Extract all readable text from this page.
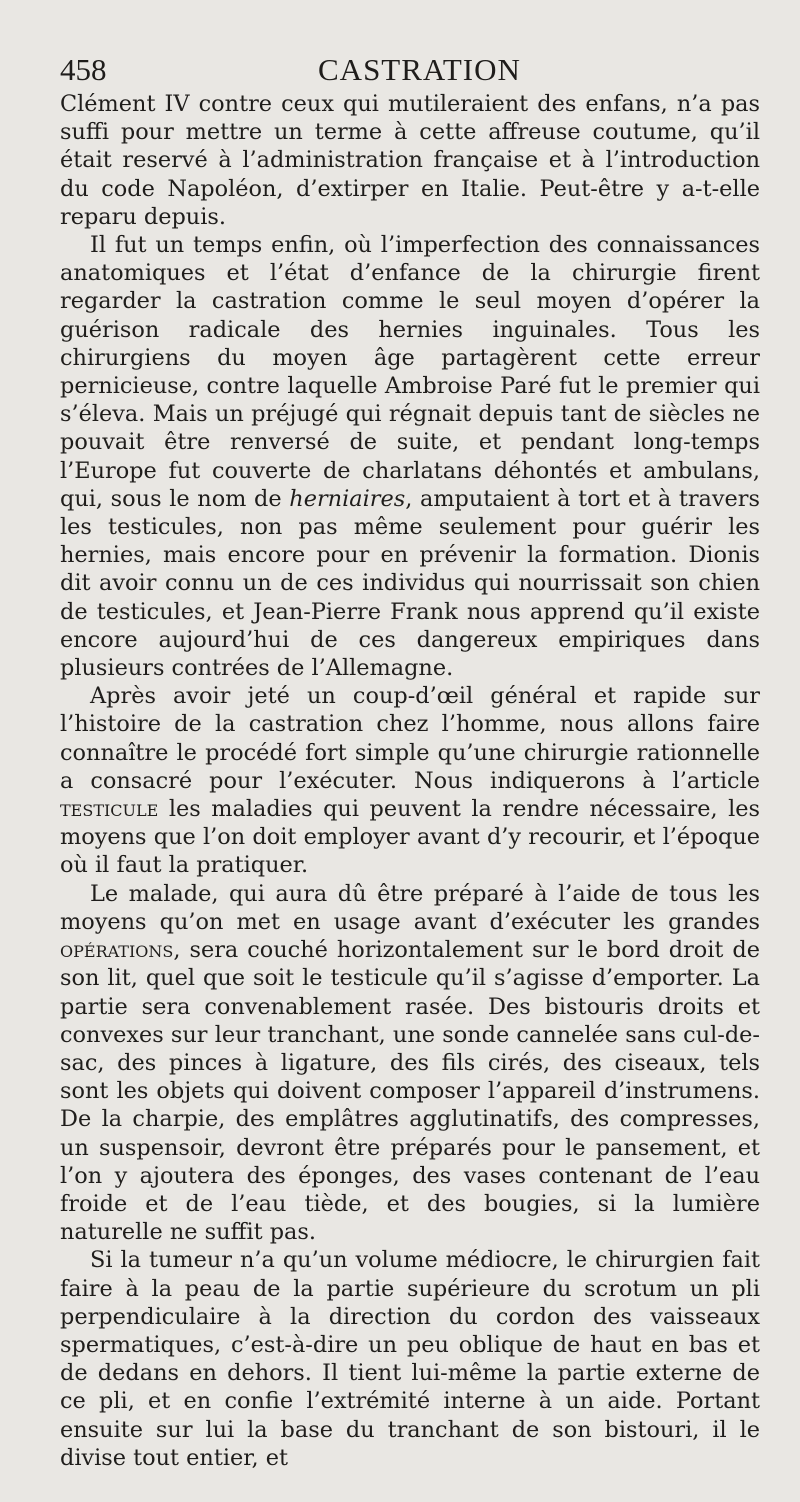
458	CASTRATION

Clément IV contre ceux qui mutileraient des enfans, n’a pas suffi pour mettre un terme à cette affreuse coutume, qu’il était reservé à l’administration française et à l’introduction du code Napoléon, d’extirper en Italie. Peut-être y a-t-elle reparu depuis.

Il fut un temps enfin, où l’imperfection des connaissances anatomiques et l’état d’enfance de la chirurgie firent regarder la castration comme le seul moyen d’opérer la guérison radicale des hernies inguinales. Tous les chirurgiens du moyen âge partagèrent cette erreur pernicieuse, contre laquelle Ambroise Paré fut le premier qui s’éleva. Mais un préjugé qui régnait depuis tant de siècles ne pouvait être renversé de suite, et pendant long-temps l’Europe fut couverte de charlatans déhontés et ambulans, qui, sous le nom de herniaires, amputaient à tort et à travers les testicules, non pas même seulement pour guérir les hernies, mais encore pour en prévenir la formation. Dionis dit avoir connu un de ces individus qui nourrissait son chien de testicules, et Jean-Pierre Frank nous apprend qu’il existe encore aujourd’hui de ces dangereux empiriques dans plusieurs contrées de l’Allemagne.

Après avoir jeté un coup-d’œil général et rapide sur l’histoire de la castration chez l’homme, nous allons faire connaître le procédé fort simple qu’une chirurgie rationnelle a consacré pour l’exécuter. Nous indiquerons à l’article testicule les maladies qui peuvent la rendre nécessaire, les moyens que l’on doit employer avant d’y recourir, et l’époque où il faut la pratiquer.

Le malade, qui aura dû être préparé à l’aide de tous les moyens qu’on met en usage avant d’exécuter les grandes opérations, sera couché horizontalement sur le bord droit de son lit, quel que soit le testicule qu’il s’agisse d’emporter. La partie sera convenablement rasée. Des bistouris droits et convexes sur leur tranchant, une sonde cannelée sans cul-de-sac, des pinces à ligature, des fils cirés, des ciseaux, tels sont les objets qui doivent composer l’appareil d’instrumens. De la charpie, des emplâtres agglutinatifs, des compresses, un suspensoir, devront être préparés pour le pansement, et l’on y ajoutera des éponges, des vases contenant de l’eau froide et de l’eau tiède, et des bougies, si la lumière naturelle ne suffit pas.

Si la tumeur n’a qu’un volume médiocre, le chirurgien fait faire à la peau de la partie supérieure du scrotum un pli perpendiculaire à la direction du cordon des vaisseaux spermatiques, c’est-à-dire un peu oblique de haut en bas et de dedans en dehors. Il tient lui-même la partie externe de ce pli, et en confie l’extrémité interne à un aide. Portant ensuite sur lui la base du tranchant de son bistouri, il le divise tout entier, et
